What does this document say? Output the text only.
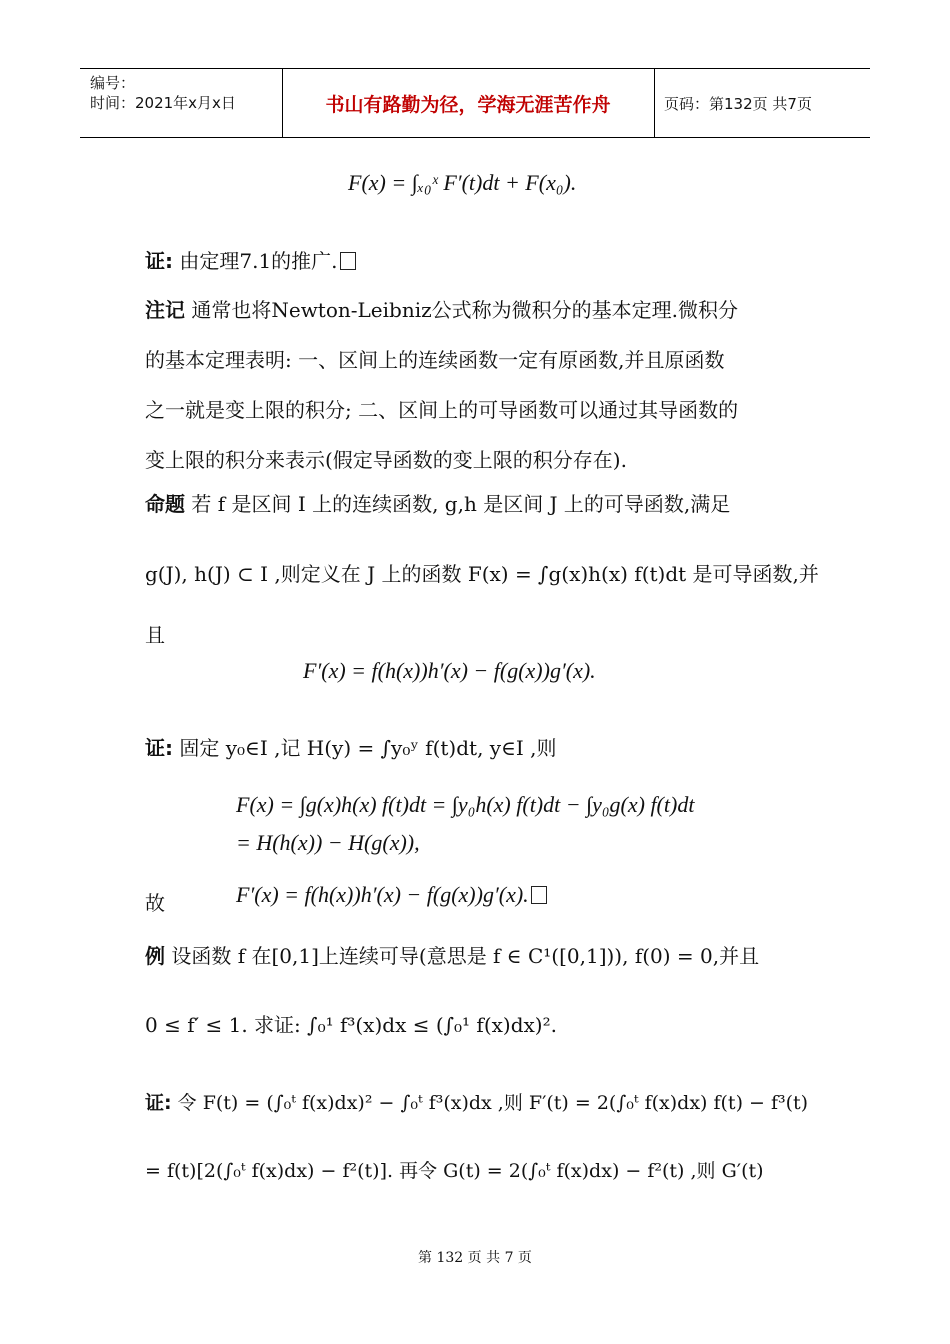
编号：
时间：2021年x月x日	书山有路勤为径，学海无涯苦作舟	页码：第132页 共7页
F(x) = ∫ₓ₀ˣ F′(t)dt + F(x₀).
证: 由定理7.1的推广.
注记 通常也将Newton-Leibniz公式称为微积分的基本定理.微积分
的基本定理表明: 一、区间上的连续函数一定有原函数,并且原函数
之一就是变上限的积分; 二、区间上的可导函数可以通过其导函数的
变上限的积分来表示(假定导函数的变上限的积分存在).
命题 若 f 是区间 I 上的连续函数, g,h 是区间 J 上的可导函数,满足
g(J), h(J) ⊂ I ,则定义在 J 上的函数 F(x) = ∫g(x)h(x) f(t)dt 是可导函数,并
且
F′(x) = f(h(x))h′(x) − f(g(x))g′(x).
证: 固定 y₀∈I ,记 H(y) = ∫y₀ʸ f(t)dt, y∈I ,则
F(x) = ∫g(x)h(x) f(t)dt = ∫y₀h(x) f(t)dt − ∫y₀g(x) f(t)dt
= H(h(x)) − H(g(x)),
故	F′(x) = f(h(x))h′(x) − f(g(x))g′(x).
例 设函数 f 在[0,1]上连续可导(意思是 f ∈ C¹([0,1])), f(0) = 0,并且
0 ≤ f′ ≤ 1. 求证: ∫₀¹ f³(x)dx ≤ (∫₀¹ f(x)dx)².
证: 令 F(t) = (∫₀ᵗ f(x)dx)² − ∫₀ᵗ f³(x)dx ,则 F′(t) = 2(∫₀ᵗ f(x)dx) f(t) − f³(t)
= f(t)[2(∫₀ᵗ f(x)dx) − f²(t)]. 再令 G(t) = 2(∫₀ᵗ f(x)dx) − f²(t) ,则 G′(t)
第 132 页 共 7 页
